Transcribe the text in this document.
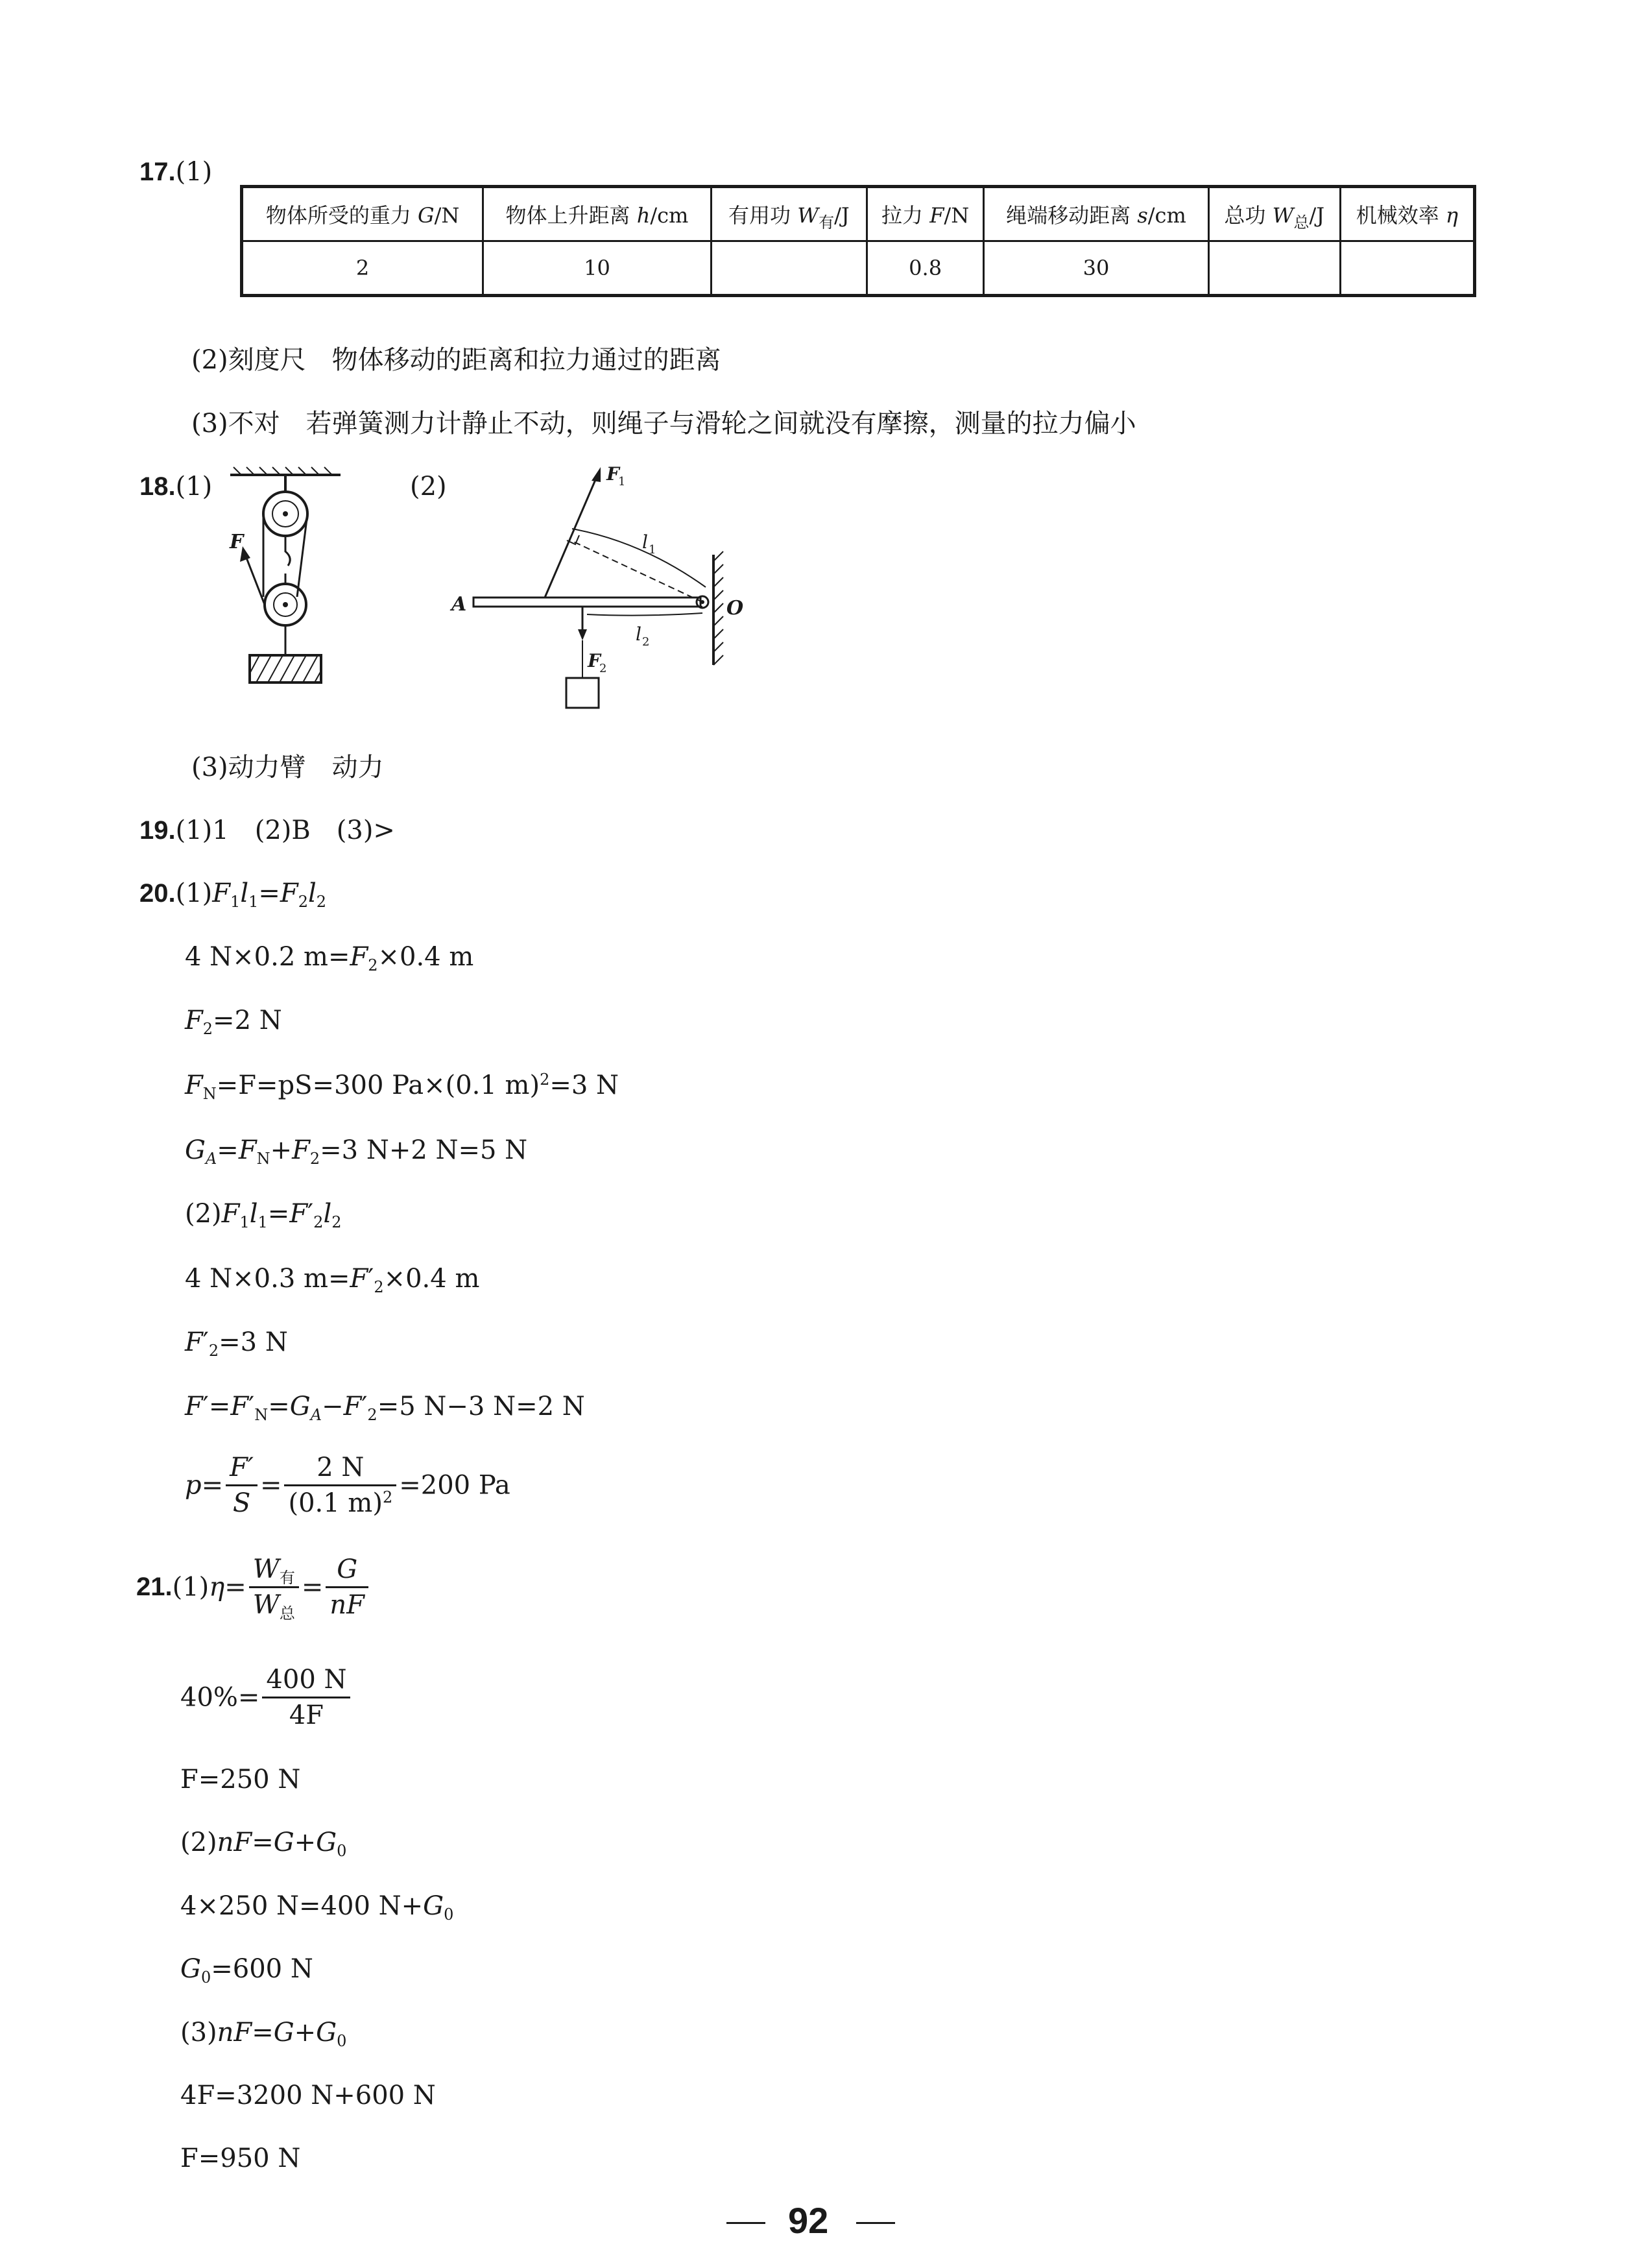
17.(1)
物体所受的重力 G/N	物体上升距离 h/cm	有用功 $W_有/J$	拉力 F/N	绳端移动距离 s/cm	总功 $W_总/J$	机械效率 η
2	10		0.8	30		
(2)刻度尺　物体移动的距离和拉力通过的距离
(3)不对　若弹簧测力计静止不动，则绳子与滑轮之间就没有摩擦，测量的拉力偏小
18.(1)	(2)
F
F
1
l 1
l 2
F
2
A	O
(3)动力臂　动力
19.(1)1　(2)B　(3)>
$20.(1)F_1l_1=F_2l_2$
4 N×0.2 $m=F_2\times 0.4$ m
$F_2=2$ N
$F_N=F=pS=300$ Pa×(0.1 m)$^2$=3 N
$G_A=F_N+F_2=3$ N+2 N=5 N
$(2)F_1l_1=F'_2l_2$
4 N×0.3 $m=F'_2\times 0.4$ m
$F'_2=3$ N
$F'=F'_N=G_A-F'_2=5$ N−3 N=2 N
$p= \frac{F'}{S} = \frac{2 N}{(0.1 m)^2} =200$ Pa
$21.(1)\eta= \frac{W_有}{W_总} = \frac{G}{nF}$
$40\%= \frac{400 N}{4F}$
F=250 N
$(2)nF=G+G_0$
4×250 N=400 $N+G_0$
$G_0=600$ N
$(3)nF=G+G_0$
4F=3200 N+600 N
F=950 N
92
